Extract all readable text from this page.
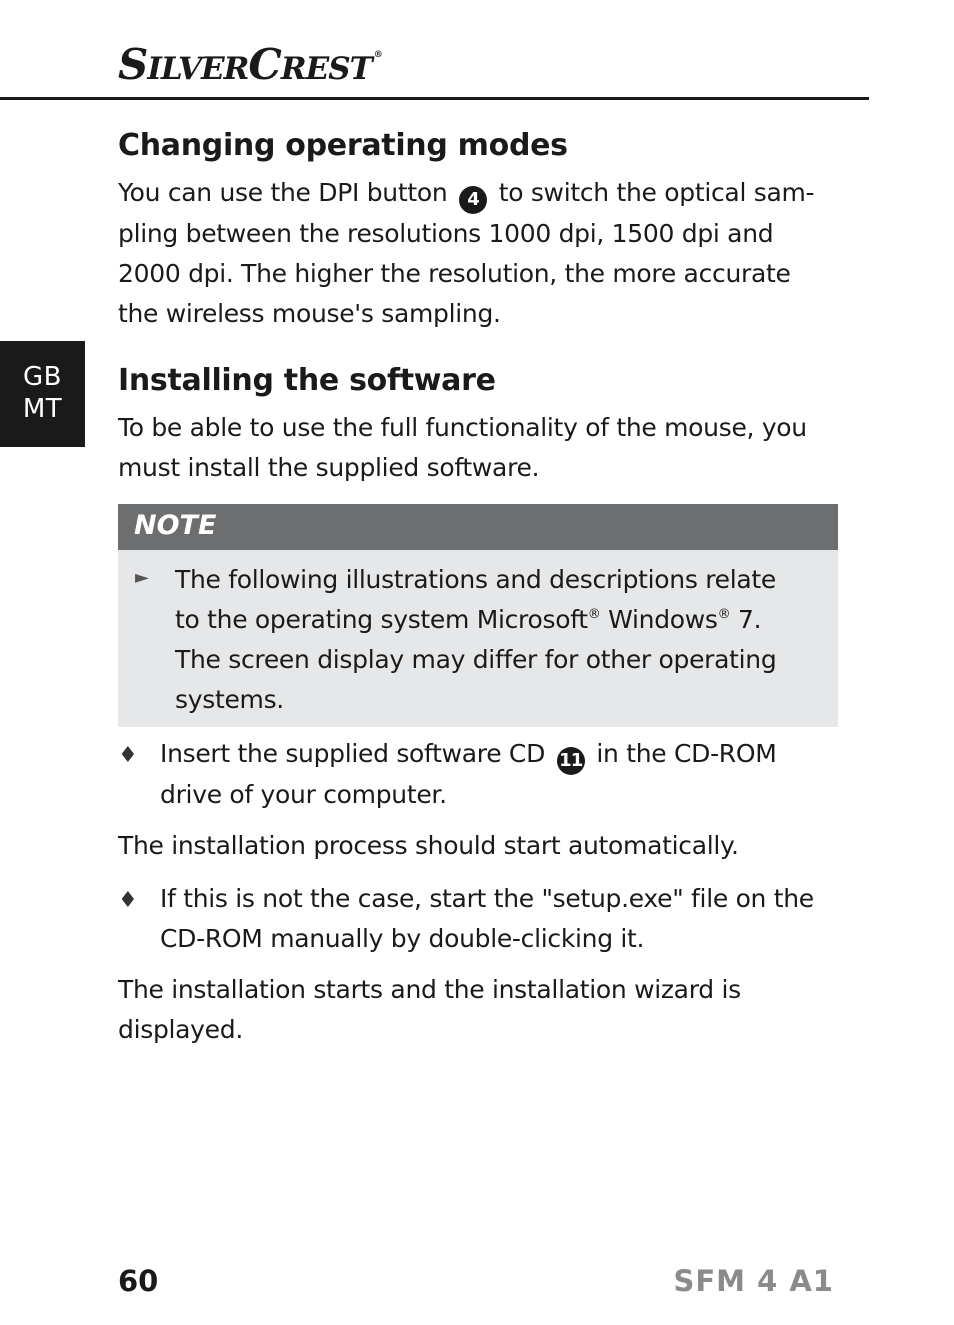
SILVERCREST ®
GB
MT
Changing operating modes

You can use the DPI button 4 to switch the optical sam-

pling between the resolutions 1000 dpi, 1500 dpi and

2000 dpi. The higher the resolution, the more accurate

the wireless mouse's sampling.

Installing the software

To be able to use the full functionality of the mouse, you

must install the supplied software.

NOTE
► The following illustrations and descriptions relate

to the operating system Microsoft® Windows® 7.

The screen display may differ for other operating

systems.

♦ Insert the supplied software CD 11 in the CD-ROM

drive of your computer.

The installation process should start automatically.

♦ If this is not the case, start the "setup.exe" file on the

CD-ROM manually by double-clicking it.

The installation starts and the installation wizard is

displayed.

60	SFM 4 A1
